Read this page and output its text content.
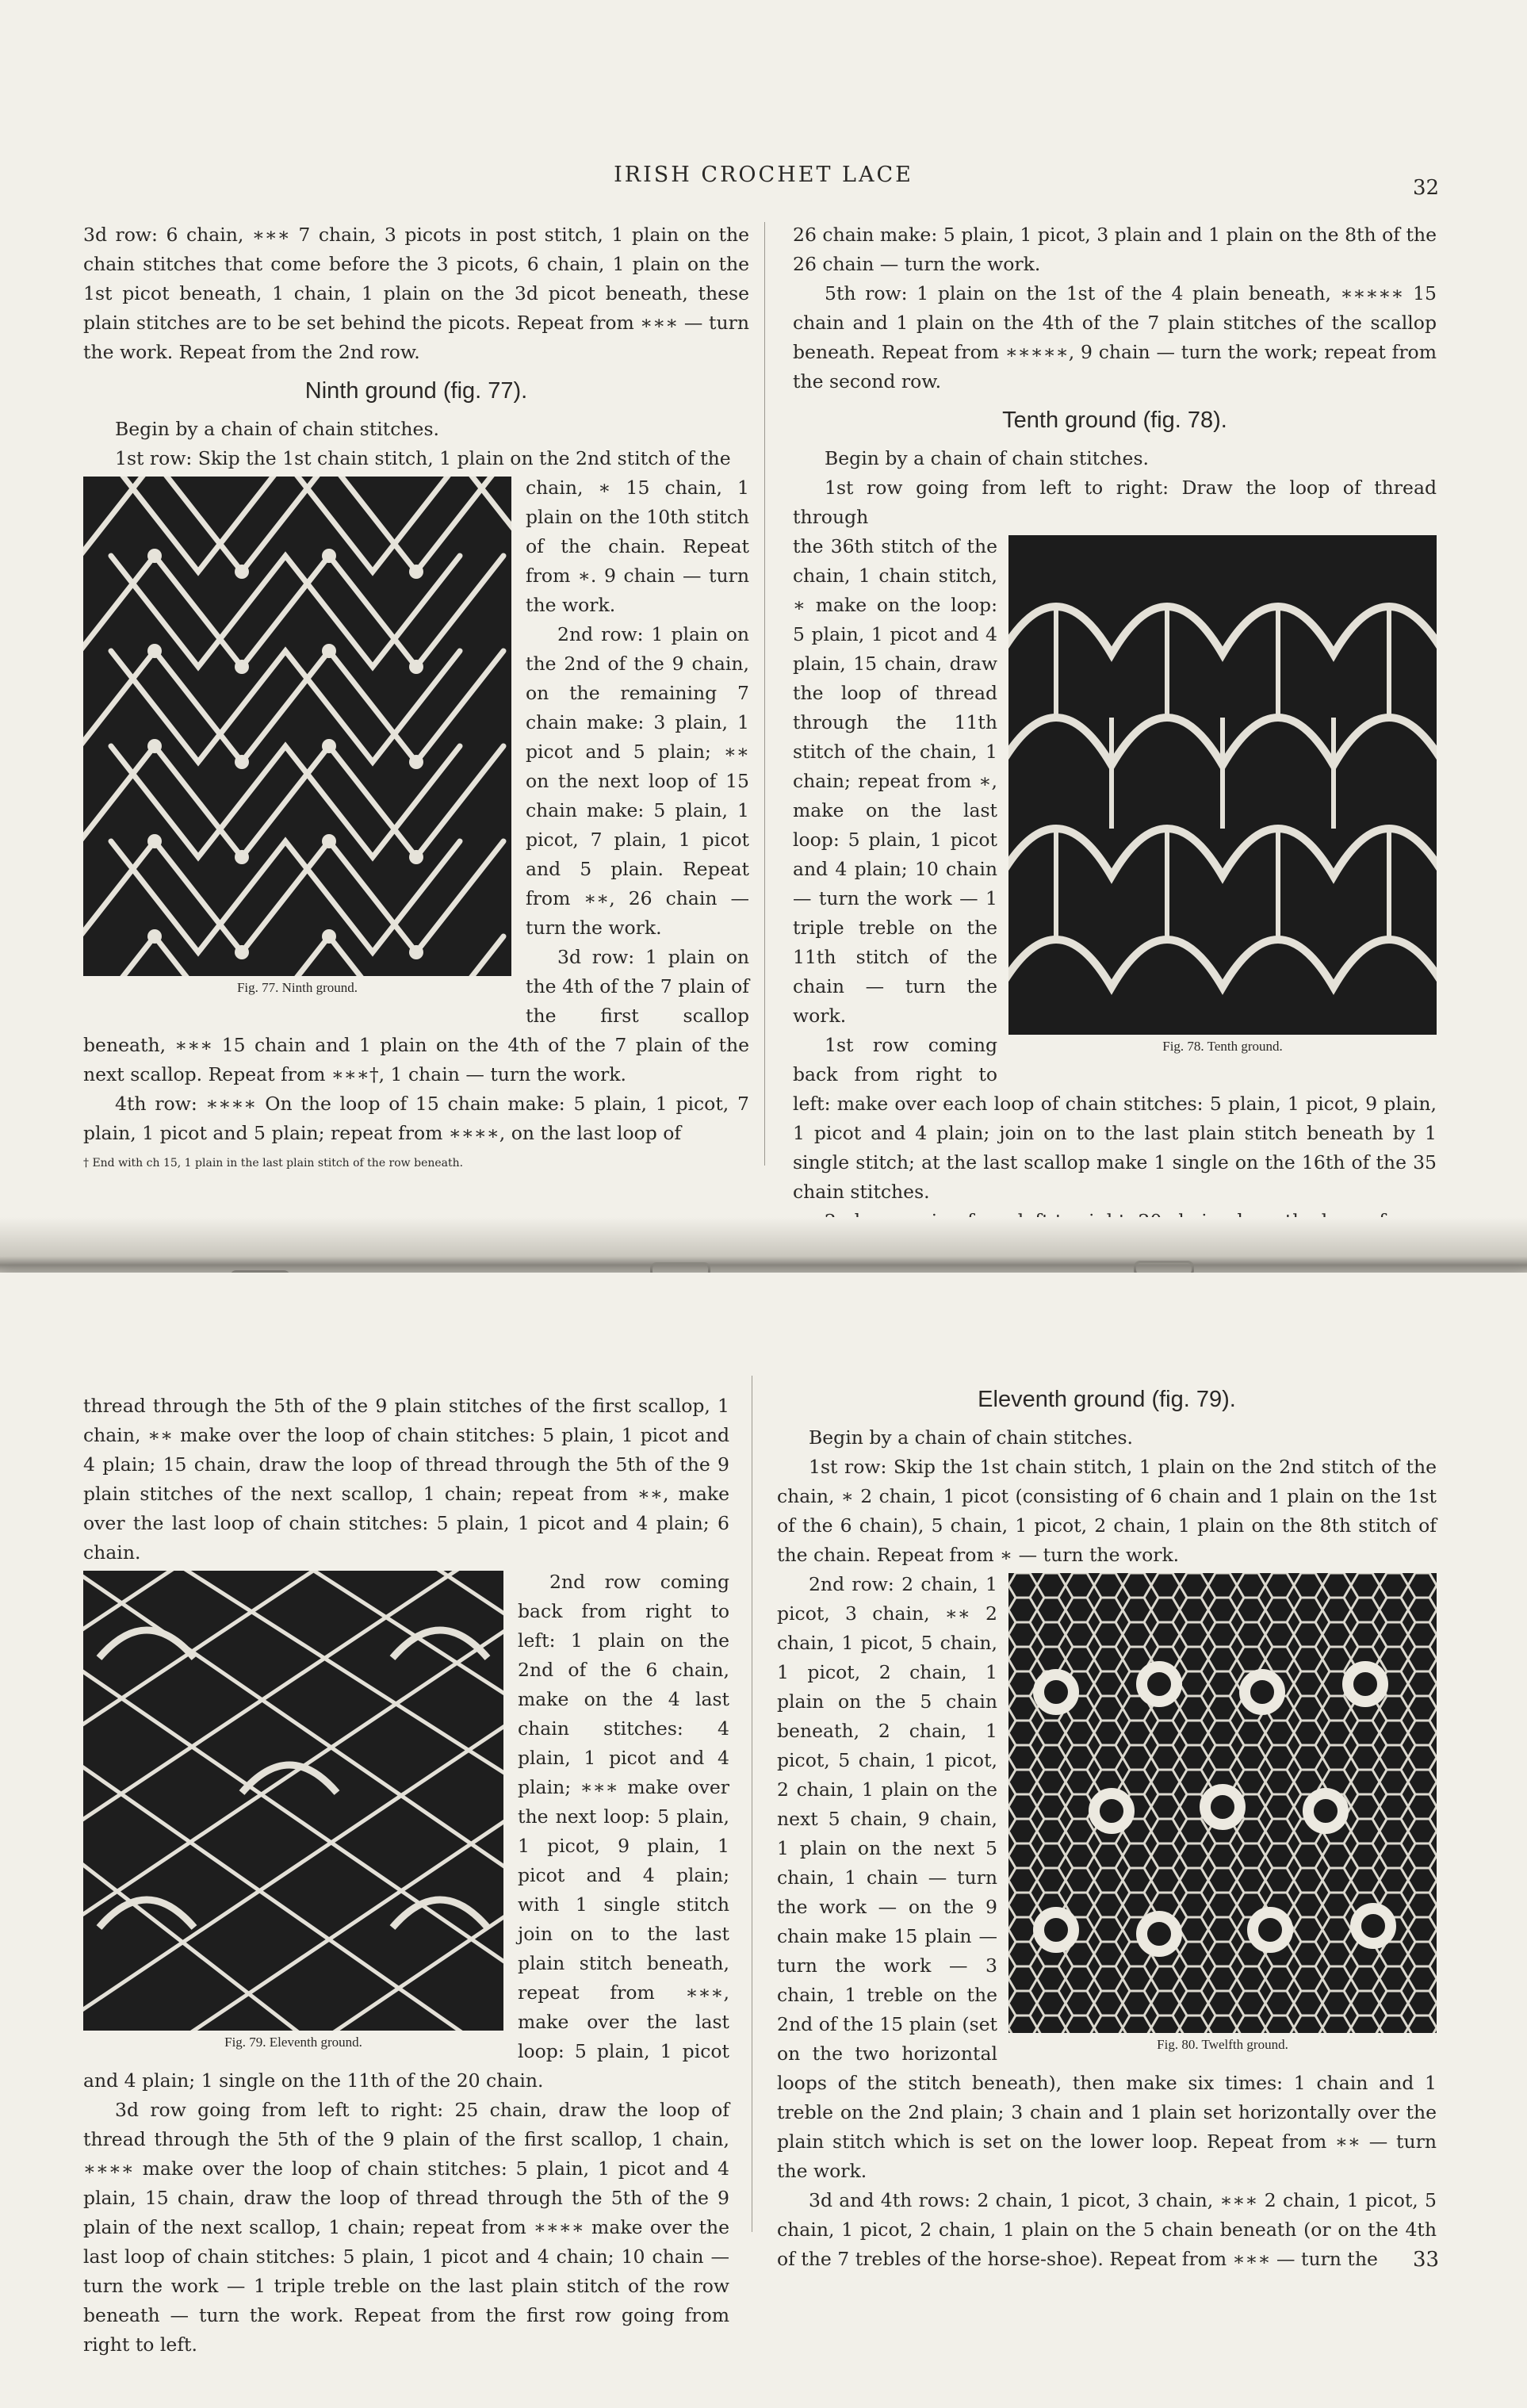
IRISH CROCHET LACE
32

3d row: 6 chain, ∗∗∗ 7 chain, 3 picots in post stitch, 1 plain on the chain stitches that come before the 3 picots, 6 chain, 1 plain on the 1st picot beneath, 1 chain, 1 plain on the 3d picot beneath, these plain stitches are to be set behind the picots. Repeat from ∗∗∗ — turn the work. Repeat from the 2nd row.

Ninth ground (fig. 77).

Begin by a chain of chain stitches.

1st row: Skip the 1st chain stitch, 1 plain on the 2nd stitch of the

Fig. 77. Ninth ground.

chain, ∗ 15 chain, 1 plain on the 10th stitch of the chain. Repeat from ∗. 9 chain — turn the work.

2nd row: 1 plain on the 2nd of the 9 chain, on the remaining 7 chain make: 3 plain, 1 picot and 5 plain; ∗∗ on the next loop of 15 chain make: 5 plain, 1 picot, 7 plain, 1 picot and 5 plain. Repeat from ∗∗, 26 chain — turn the work.

3d row: 1 plain on the 4th of the 7 plain of the first scallop beneath, ∗∗∗ 15 chain and 1 plain on the 4th of the 7 plain of the next scallop. Repeat from ∗∗∗†, 1 chain — turn the work.

4th row: ∗∗∗∗ On the loop of 15 chain make: 5 plain, 1 picot, 7 plain, 1 picot and 5 plain; repeat from ∗∗∗∗, on the last loop of

† End with ch 15, 1 plain in the last plain stitch of the row beneath.

26 chain make: 5 plain, 1 picot, 3 plain and 1 plain on the 8th of the 26 chain — turn the work.

5th row: 1 plain on the 1st of the 4 plain beneath, ∗∗∗∗∗ 15 chain and 1 plain on the 4th of the 7 plain stitches of the scallop beneath. Repeat from ∗∗∗∗∗, 9 chain — turn the work; repeat from the second row.

Tenth ground (fig. 78).

Begin by a chain of chain stitches.

1st row going from left to right: Draw the loop of thread through

Fig. 78. Tenth ground.

the 36th stitch of the chain, 1 chain stitch, ∗ make on the loop: 5 plain, 1 picot and 4 plain, 15 chain, draw the loop of thread through the 11th stitch of the chain, 1 chain; repeat from ∗, make on the last loop: 5 plain, 1 picot and 4 plain; 10 chain — turn the work — 1 triple treble on the 11th stitch of the chain — turn the work.

1st row coming back from right to left: make over each loop of chain stitches: 5 plain, 1 picot, 9 plain, 1 picot and 4 plain; join on to the last plain stitch beneath by 1 single stitch; at the last scallop make 1 single on the 16th of the 35 chain stitches.

33

thread through the 5th of the 9 plain stitches of the first scallop, 1 chain, ∗∗ make over the loop of chain stitches: 5 plain, 1 picot and 4 plain; 15 chain, draw the loop of thread through the 5th of the 9 plain stitches of the next scallop, 1 chain; repeat from ∗∗, make over the last loop of chain stitches: 5 plain, 1 picot and 4 plain; 6 chain.

Fig. 79. Eleventh ground.

2nd row coming back from right to left: 1 plain on the 2nd of the 6 chain, make on the 4 last chain stitches: 4 plain, 1 picot and 4 plain; ∗∗∗ make over the next loop: 5 plain, 1 picot, 9 plain, 1 picot and 4 plain; with 1 single stitch join on to the last plain stitch beneath, repeat from ∗∗∗, make over the last loop: 5 plain, 1 picot and 4 plain; 1 single on the 11th of the 20 chain.

3d row going from left to right: 25 chain, draw the loop of thread through the 5th of the 9 plain of the first scallop, 1 chain, ∗∗∗∗ make over the loop of chain stitches: 5 plain, 1 picot and 4 plain, 15 chain, draw the loop of thread through the 5th of the 9 plain of the next scallop, 1 chain; repeat from ∗∗∗∗ make over the last loop of chain stitches: 5 plain, 1 picot and 4 chain; 10 chain — turn the work — 1 triple treble on the last plain stitch of the row beneath — turn the work. Repeat from the first row going from right to left.

Eleventh ground (fig. 79).

Begin by a chain of chain stitches.

1st row: Skip the 1st chain stitch, 1 plain on the 2nd stitch of the chain, ∗ 2 chain, 1 picot (consisting of 6 chain and 1 plain on the 1st of the 6 chain), 5 chain, 1 picot, 2 chain, 1 plain on the 8th stitch of the chain. Repeat from ∗ — turn the work.

Fig. 80. Twelfth ground.

2nd row: 2 chain, 1 picot, 3 chain, ∗∗ 2 chain, 1 picot, 5 chain, 1 picot, 2 chain, 1 plain on the 5 chain beneath, 2 chain, 1 picot, 5 chain, 1 picot, 2 chain, 1 plain on the next 5 chain, 9 chain, 1 plain on the next 5 chain, 1 chain — turn the work — on the 9 chain make 15 plain — turn the work — 3 chain, 1 treble on the 2nd of the 15 plain (set on the two horizontal loops of the stitch beneath), then make six times: 1 chain and 1 treble on the 2nd plain; 3 chain and 1 plain set horizontally over the plain stitch which is set on the lower loop. Repeat from ∗∗ — turn the work.

3d and 4th rows: 2 chain, 1 picot, 3 chain, ∗∗∗ 2 chain, 1 picot, 5 chain, 1 picot, 2 chain, 1 plain on the 5 chain beneath (or on the 4th of the 7 trebles of the horse-shoe). Repeat from ∗∗∗ — turn the
